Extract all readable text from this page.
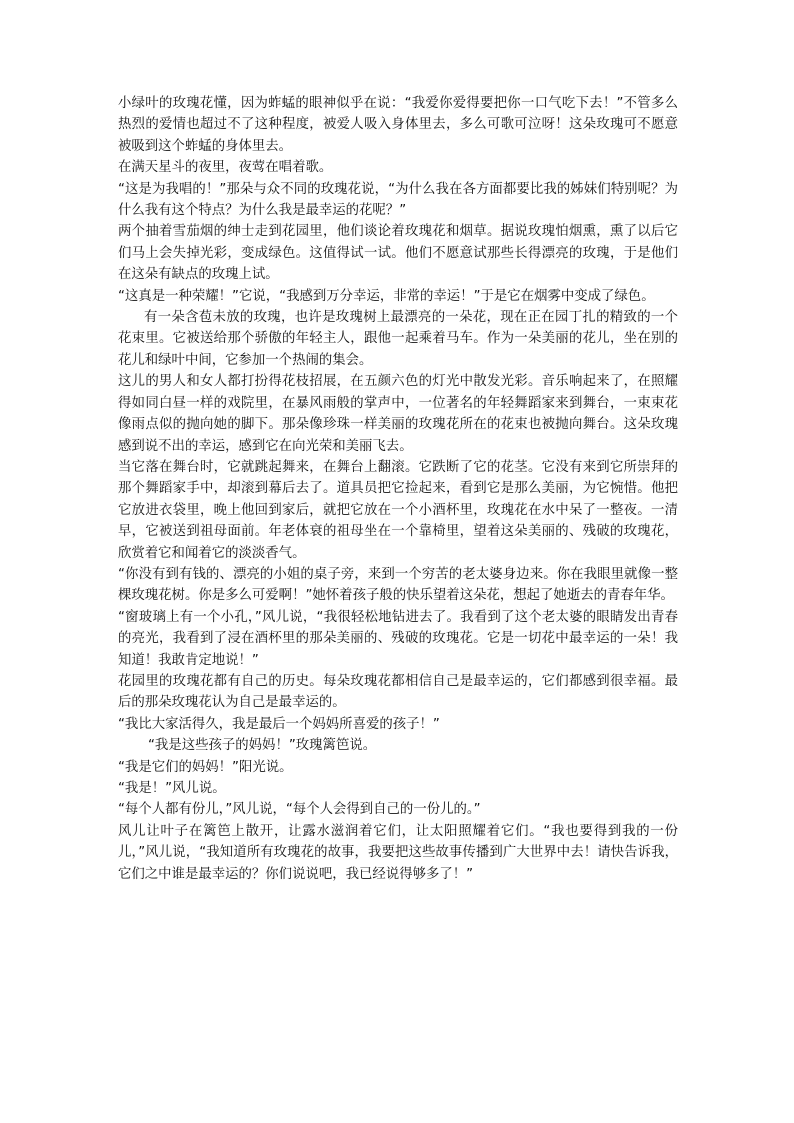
小绿叶的玫瑰花懂，因为蚱蜢的眼神似乎在说：“我爱你爱得要把你一口气吃下去！”不管多么热烈的爱情也超过不了这种程度，被爱人吸入身体里去，多么可歌可泣呀！这朵玫瑰可不愿意被吸到这个蚱蜢的身体里去。

在满天星斗的夜里，夜莺在唱着歌。

“这是为我唱的！”那朵与众不同的玫瑰花说，“为什么我在各方面都要比我的姊妹们特别呢？为什么我有这个特点？为什么我是最幸运的花呢？”

两个抽着雪茄烟的绅士走到花园里，他们谈论着玫瑰花和烟草。据说玫瑰怕烟熏，熏了以后它们马上会失掉光彩，变成绿色。这值得试一试。他们不愿意试那些长得漂亮的玫瑰，于是他们在这朵有缺点的玫瑰上试。

“这真是一种荣耀！”它说，“我感到万分幸运，非常的幸运！”于是它在烟雾中变成了绿色。

有一朵含苞未放的玫瑰，也许是玫瑰树上最漂亮的一朵花，现在正在园丁扎的精致的一个花束里。它被送给那个骄傲的年轻主人，跟他一起乘着马车。作为一朵美丽的花儿，坐在别的花儿和绿叶中间，它参加一个热闹的集会。

这儿的男人和女人都打扮得花枝招展，在五颜六色的灯光中散发光彩。音乐响起来了，在照耀得如同白昼一样的戏院里，在暴风雨般的掌声中，一位著名的年轻舞蹈家来到舞台，一束束花像雨点似的抛向她的脚下。那朵像珍珠一样美丽的玫瑰花所在的花束也被抛向舞台。这朵玫瑰感到说不出的幸运，感到它在向光荣和美丽飞去。

当它落在舞台时，它就跳起舞来，在舞台上翻滚。它跌断了它的花茎。它没有来到它所崇拜的那个舞蹈家手中，却滚到幕后去了。道具员把它捡起来，看到它是那么美丽，为它惋惜。他把它放进衣袋里，晚上他回到家后，就把它放在一个小酒杯里，玫瑰花在水中呆了一整夜。一清早，它被送到祖母面前。年老体衰的祖母坐在一个靠椅里，望着这朵美丽的、残破的玫瑰花，欣赏着它和闻着它的淡淡香气。

“你没有到有钱的、漂亮的小姐的桌子旁，来到一个穷苦的老太婆身边来。你在我眼里就像一整棵玫瑰花树。你是多么可爱啊！”她怀着孩子般的快乐望着这朵花，想起了她逝去的青春年华。

“窗玻璃上有一个小孔，”风儿说，“我很轻松地钻进去了。我看到了这个老太婆的眼睛发出青春的亮光，我看到了浸在酒杯里的那朵美丽的、残破的玫瑰花。它是一切花中最幸运的一朵！我知道！我敢肯定地说！”

花园里的玫瑰花都有自己的历史。每朵玫瑰花都相信自己是最幸运的，它们都感到很幸福。最后的那朵玫瑰花认为自己是最幸运的。

“我比大家活得久，我是最后一个妈妈所喜爱的孩子！”

“我是这些孩子的妈妈！”玫瑰篱笆说。

“我是它们的妈妈！”阳光说。

“我是！”风儿说。

“每个人都有份儿，”风儿说，“每个人会得到自己的一份儿的。”

风儿让叶子在篱笆上散开，让露水滋润着它们，让太阳照耀着它们。“我也要得到我的一份儿，”风儿说，“我知道所有玫瑰花的故事，我要把这些故事传播到广大世界中去！请快告诉我，它们之中谁是最幸运的？你们说说吧，我已经说得够多了！”
